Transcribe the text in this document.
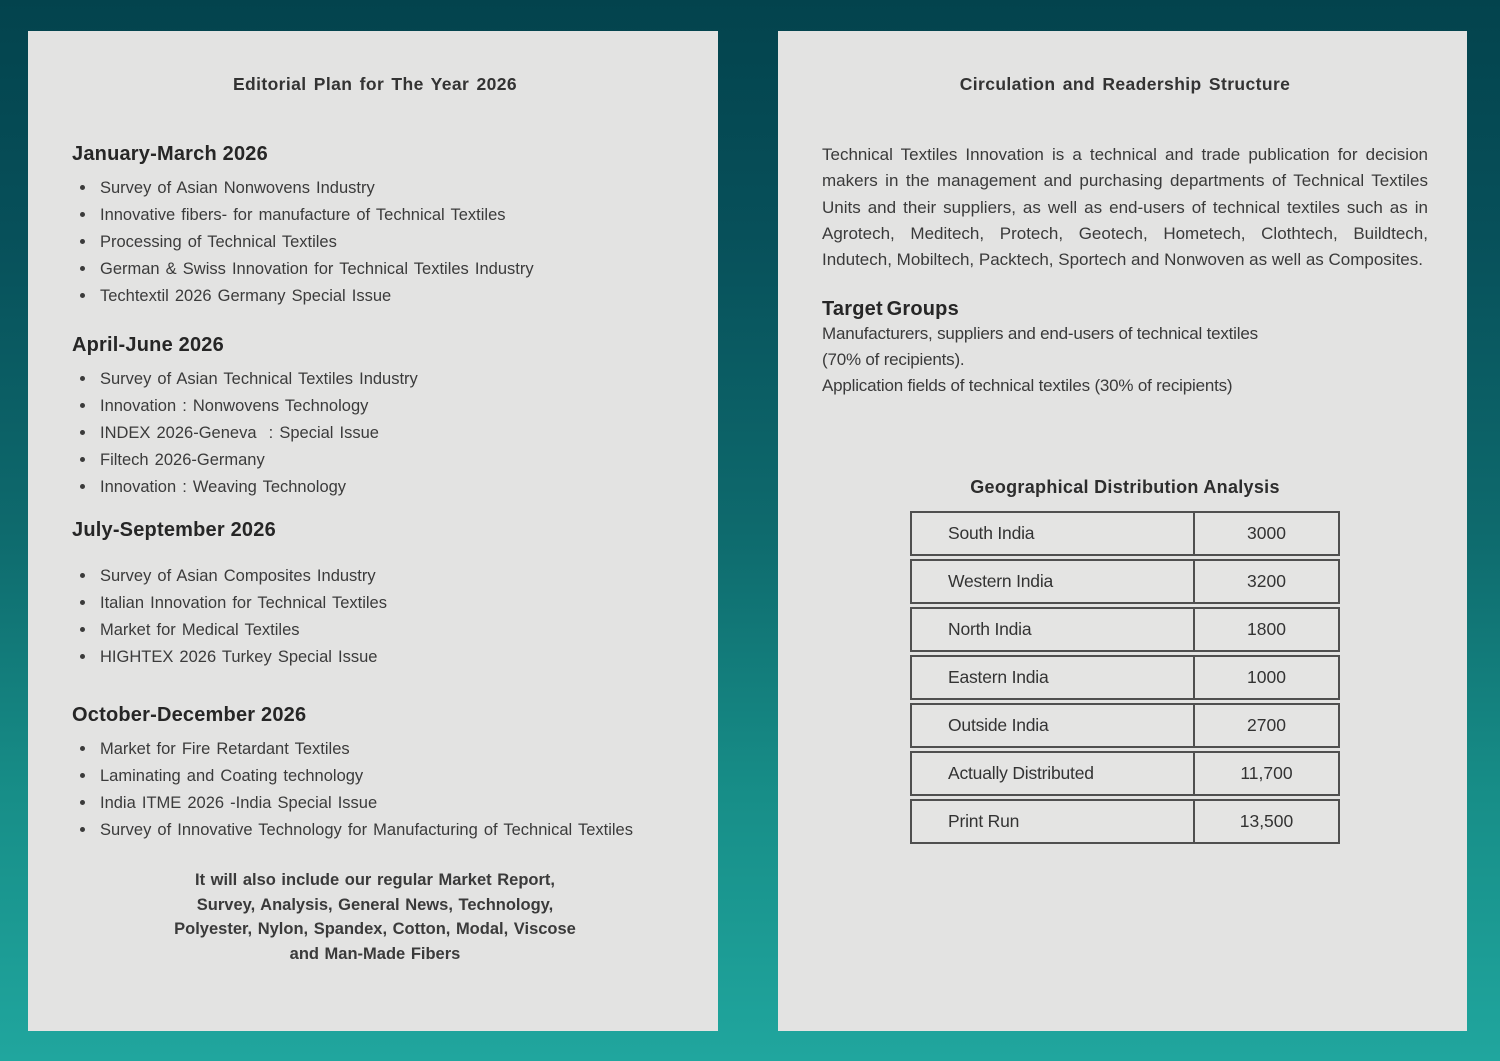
Editorial Plan for The Year 2026
January-March 2026
Survey of Asian Nonwovens Industry
Innovative fibers- for manufacture of Technical Textiles
Processing of Technical Textiles
German & Swiss Innovation for Technical Textiles Industry
Techtextil 2026 Germany Special Issue
April-June 2026
Survey of Asian Technical Textiles Industry
Innovation : Nonwovens Technology
INDEX 2026-Geneva  : Special Issue
Filtech 2026-Germany
Innovation : Weaving Technology
July-September 2026
Survey of Asian Composites Industry
Italian Innovation for Technical Textiles
Market for Medical Textiles
HIGHTEX 2026 Turkey Special Issue
October-December 2026
Market for Fire Retardant Textiles
Laminating and Coating technology
India ITME 2026 -India Special Issue
Survey of Innovative Technology for Manufacturing of Technical Textiles
It will also include our regular Market Report,
Survey, Analysis, General News, Technology,
Polyester, Nylon, Spandex, Cotton, Modal, Viscose
and Man-Made Fibers
Circulation and Readership Structure

Technical Textiles Innovation is a technical and trade publication for decision makers in the management and purchasing departments of Technical Textiles Units and their suppliers, as well as end-users of technical textiles such as in Agrotech, Meditech, Protech, Geotech, Hometech, Clothtech, Buildtech, Indutech, Mobiltech, Packtech, Sportech and Nonwoven as well as Composites.

Target Groups
Manufacturers, suppliers and end-users of technical textiles
(70% of recipients).
Application fields of technical textiles (30% of recipients)
Geographical Distribution Analysis
South India	3000
Western India	3200
North India	1800
Eastern India	1000
Outside India	2700
Actually Distributed	11,700
Print Run	13,500
